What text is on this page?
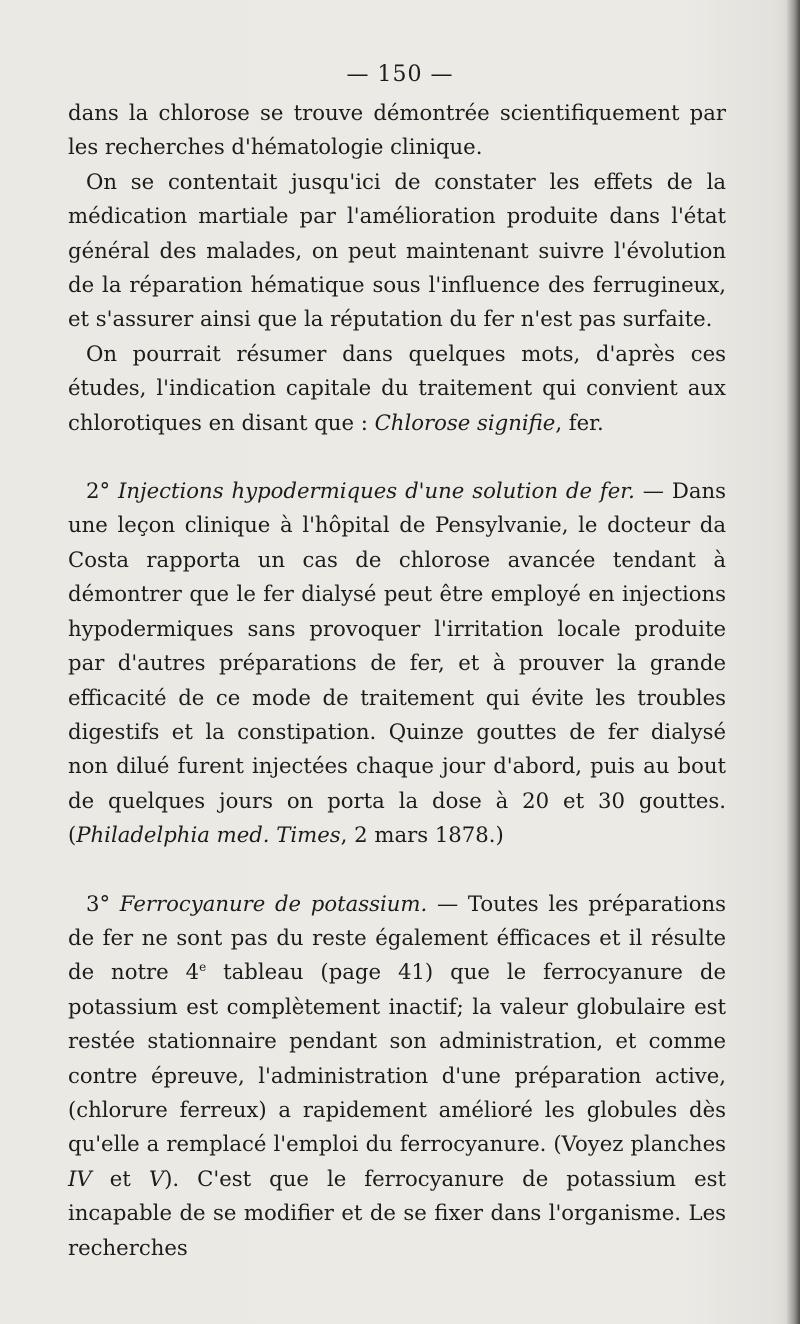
— 150 —

dans la chlorose se trouve démontrée scientifiquement par les recherches d'hématologie clinique.

On se contentait jusqu'ici de constater les effets de la médication martiale par l'amélioration produite dans l'état général des malades, on peut maintenant suivre l'évolution de la réparation hématique sous l'influence des ferrugineux, et s'assurer ainsi que la réputation du fer n'est pas surfaite.

On pourrait résumer dans quelques mots, d'après ces études, l'indication capitale du traitement qui convient aux chlorotiques en disant que : Chlorose signifie, fer.

2° Injections hypodermiques d'une solution de fer. — Dans une leçon clinique à l'hôpital de Pensylvanie, le docteur da Costa rapporta un cas de chlorose avancée tendant à démontrer que le fer dialysé peut être employé en injections hypodermiques sans provoquer l'irritation locale produite par d'autres préparations de fer, et à prouver la grande efficacité de ce mode de traitement qui évite les troubles digestifs et la constipation. Quinze gouttes de fer dialysé non dilué furent injectées chaque jour d'abord, puis au bout de quelques jours on porta la dose à 20 et 30 gouttes. (Philadelphia med. Times, 2 mars 1878.)

3° Ferrocyanure de potassium. — Toutes les préparations de fer ne sont pas du reste également éfficaces et il résulte de notre 4e tableau (page 41) que le ferrocyanure de potassium est complètement inactif; la valeur globulaire est restée stationnaire pendant son administration, et comme contre épreuve, l'administration d'une préparation active, (chlorure ferreux) a rapidement amélioré les globules dès qu'elle a remplacé l'emploi du ferrocyanure. (Voyez planches IV et V). C'est que le ferrocyanure de potassium est incapable de se modifier et de se fixer dans l'organisme. Les recherches
